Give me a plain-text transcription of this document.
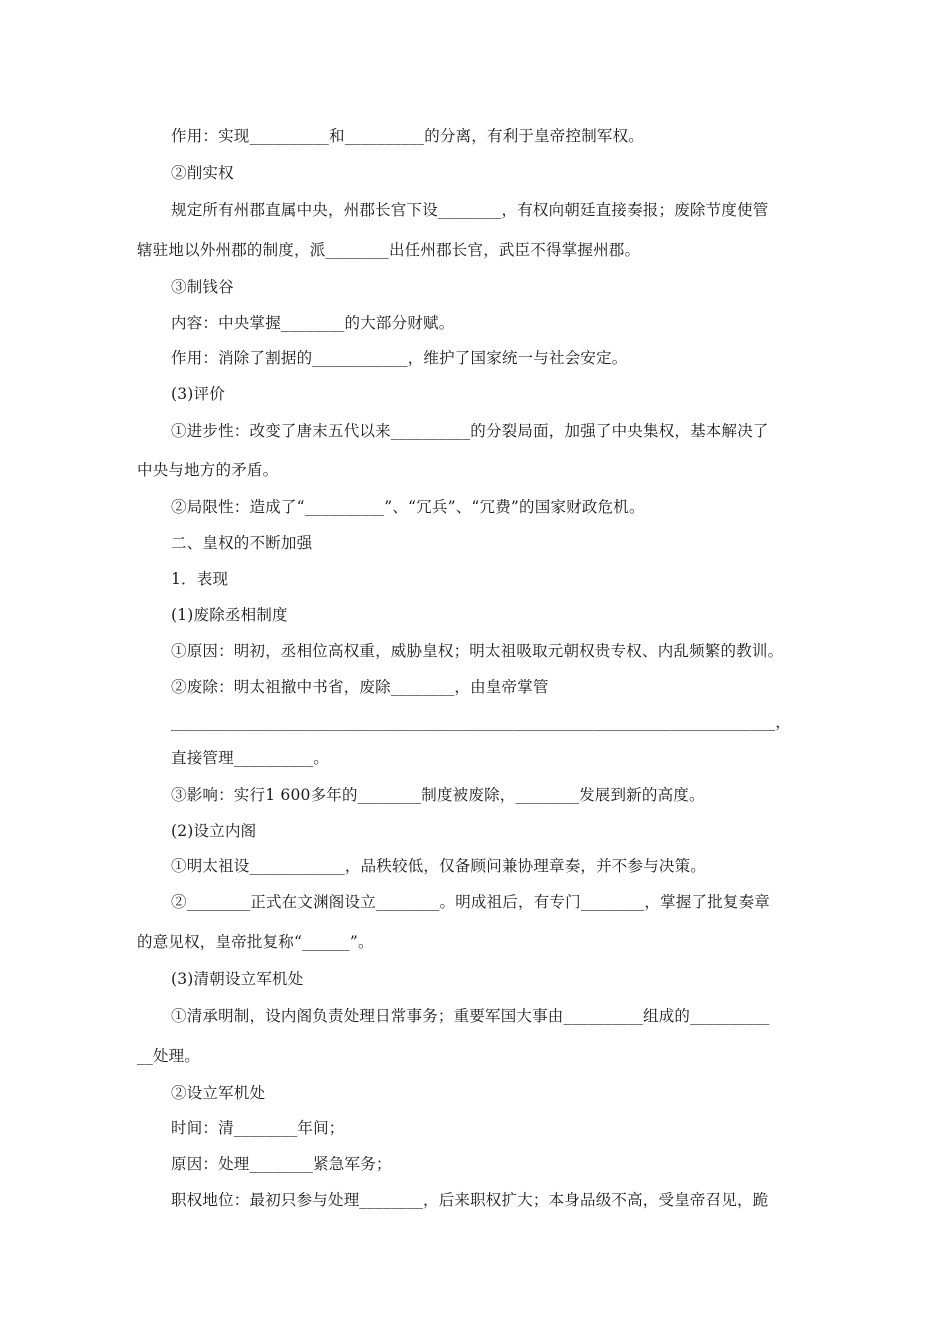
作用：实现__________和__________的分离，有利于皇帝控制军权。
②削实权
规定所有州郡直属中央，州郡长官下设________，有权向朝廷直接奏报；废除节度使管
辖驻地以外州郡的制度，派________出任州郡长官，武臣不得掌握州郡。
③制钱谷
内容：中央掌握________的大部分财赋。
作用：消除了割据的____________，维护了国家统一与社会安定。
(3)评价
①进步性：改变了唐末五代以来__________的分裂局面，加强了中央集权，基本解决了
中央与地方的矛盾。
②局限性：造成了“__________”、“冗兵”、“冗费”的国家财政危机。
二、皇权的不断加强
1．表现
(1)废除丞相制度
①原因：明初，丞相位高权重，威胁皇权；明太祖吸取元朝权贵专权、内乱频繁的教训。
②废除：明太祖撤中书省，废除________，由皇帝掌管
____________________________________________________________________________，
直接管理__________。
③影响：实行1 600多年的________制度被废除，________发展到新的高度。
(2)设立内阁
①明太祖设____________，品秩较低，仅备顾问兼协理章奏，并不参与决策。
②________正式在文渊阁设立________。明成祖后，有专门________，掌握了批复奏章
的意见权，皇帝批复称“______”。
(3)清朝设立军机处
①清承明制，设内阁负责处理日常事务；重要军国大事由__________组成的__________
__处理。
②设立军机处
时间：清________年间；
原因：处理________紧急军务；
职权地位：最初只参与处理________，后来职权扩大；本身品级不高，受皇帝召见，跪
